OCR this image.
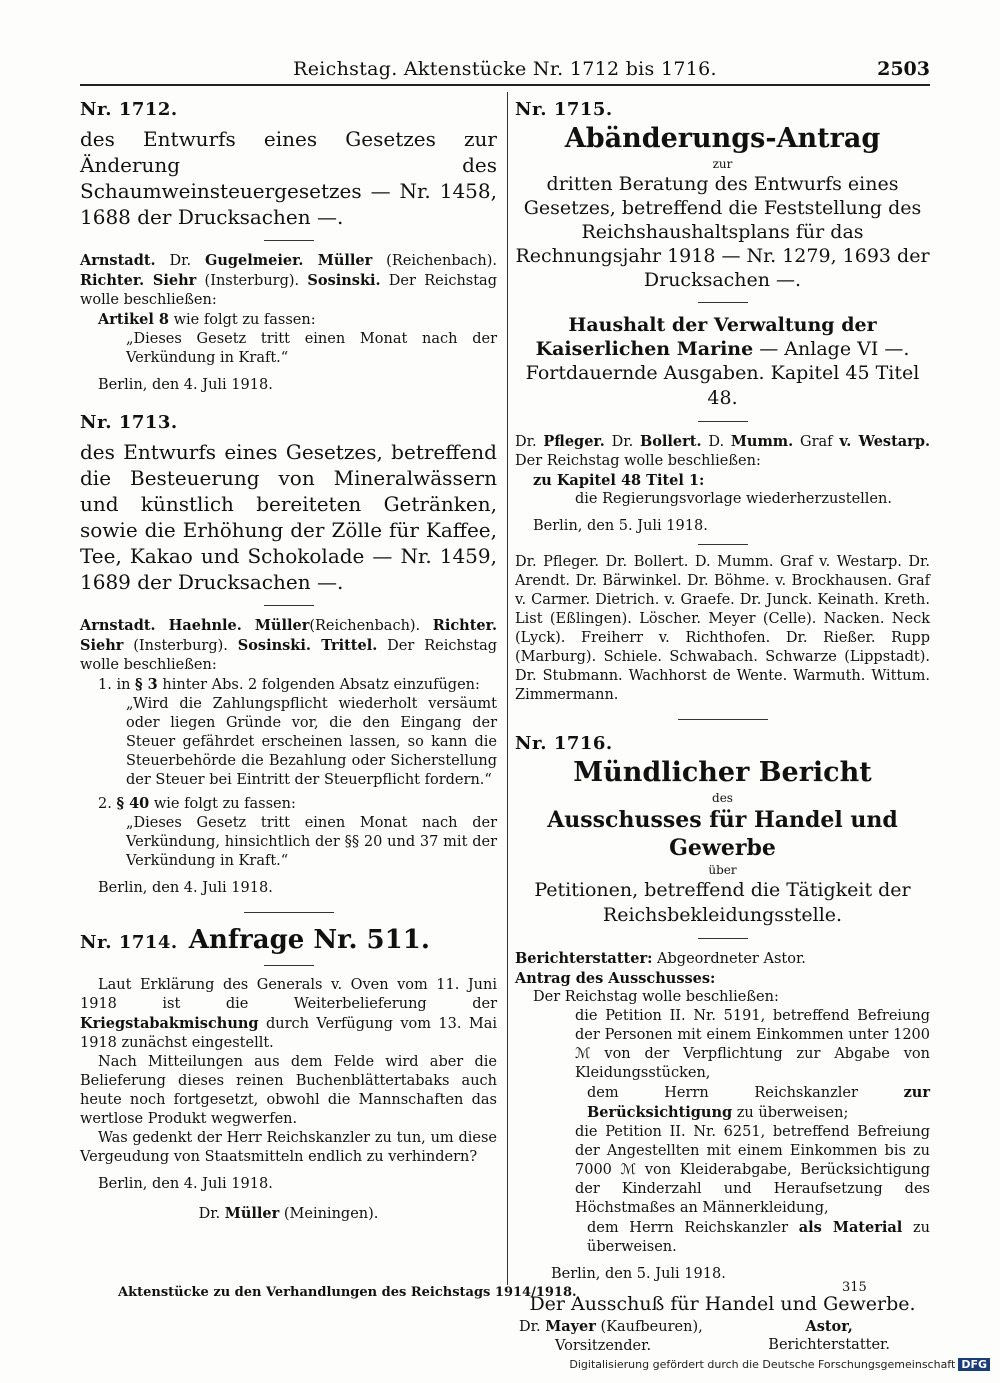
Reichstag. Aktenstücke Nr. 1712 bis 1716.	2503

Nr. 1712.

des Entwurfs eines Gesetzes zur Änderung des Schaumweinsteuergesetzes — Nr. 1458, 1688 der Drucksachen —.

Arnstadt. Dr. Gugelmeier. Müller (Reichenbach). Richter. Siehr (Insterburg). Sosinski. Der Reichstag wolle beschließen:

Artikel 8 wie folgt zu fassen:

„Dieses Gesetz tritt einen Monat nach der Verkündung in Kraft.“

Berlin, den 4. Juli 1918.

Nr. 1713.

des Entwurfs eines Gesetzes, betreffend die Besteuerung von Mineralwässern und künstlich bereiteten Getränken, sowie die Erhöhung der Zölle für Kaffee, Tee, Kakao und Schokolade — Nr. 1459, 1689 der Drucksachen —.

Arnstadt. Haehnle. Müller(Reichenbach). Richter. Siehr (Insterburg). Sosinski. Trittel. Der Reichstag wolle beschließen:

1. in § 3 hinter Abs. 2 folgenden Absatz einzufügen:

„Wird die Zahlungspflicht wiederholt versäumt oder liegen Gründe vor, die den Eingang der Steuer gefährdet erscheinen lassen, so kann die Steuerbehörde die Bezahlung oder Sicherstellung der Steuer bei Eintritt der Steuerpflicht fordern.“

2. § 40 wie folgt zu fassen:

„Dieses Gesetz tritt einen Monat nach der Verkündung, hinsichtlich der §§ 20 und 37 mit der Verkündung in Kraft.“

Berlin, den 4. Juli 1918.

Nr. 1714. Anfrage Nr. 511.

Laut Erklärung des Generals v. Oven vom 11. Juni 1918 ist die Weiterbelieferung der Kriegstabakmischung durch Verfügung vom 13. Mai 1918 zunächst eingestellt.

Nach Mitteilungen aus dem Felde wird aber die Belieferung dieses reinen Buchenblättertabaks auch heute noch fortgesetzt, obwohl die Mannschaften das wertlose Produkt wegwerfen.

Was gedenkt der Herr Reichskanzler zu tun, um diese Vergeudung von Staatsmitteln endlich zu verhindern?

Berlin, den 4. Juli 1918.

Dr. Müller (Meiningen).

Nr. 1715.

Abänderungs-Antrag

zur

dritten Beratung des Entwurfs eines Gesetzes, betreffend die Feststellung des Reichshaushaltsplans für das Rechnungsjahr 1918 — Nr. 1279, 1693 der Drucksachen —.

Haushalt der Verwaltung der Kaiserlichen Marine — Anlage VI —.

Fortdauernde Ausgaben. Kapitel 45 Titel 48.

Dr. Pfleger. Dr. Bollert. D. Mumm. Graf v. Westarp. Der Reichstag wolle beschließen:

zu Kapitel 48 Titel 1:

die Regierungsvorlage wiederherzustellen.

Berlin, den 5. Juli 1918.

Dr. Pfleger. Dr. Bollert. D. Mumm. Graf v. Westarp. Dr. Arendt. Dr. Bärwinkel. Dr. Böhme. v. Brockhausen. Graf v. Carmer. Dietrich. v. Graefe. Dr. Junck. Keinath. Kreth. List (Eßlingen). Löscher. Meyer (Celle). Nacken. Neck (Lyck). Freiherr v. Richthofen. Dr. Rießer. Rupp (Marburg). Schiele. Schwabach. Schwarze (Lippstadt). Dr. Stubmann. Wachhorst de Wente. Warmuth. Wittum. Zimmermann.

Nr. 1716.

Mündlicher Bericht

des

Ausschusses für Handel und Gewerbe

über

Petitionen, betreffend die Tätigkeit der Reichsbekleidungsstelle.

Berichterstatter: Abgeordneter Astor.

Antrag des Ausschusses:

Der Reichstag wolle beschließen:

die Petition II. Nr. 5191, betreffend Befreiung der Personen mit einem Einkommen unter 1200 ℳ von der Verpflichtung zur Abgabe von Kleidungsstücken,

dem Herrn Reichskanzler zur Berücksichtigung zu überweisen;

die Petition II. Nr. 6251, betreffend Befreiung der Angestellten mit einem Einkommen bis zu 7000 ℳ von Kleiderabgabe, Berücksichtigung der Kinderzahl und Heraufsetzung des Höchstmaßes an Männerkleidung,

dem Herrn Reichskanzler als Material zu überweisen.

Berlin, den 5. Juli 1918.

Der Ausschuß für Handel und Gewerbe.

Dr. Mayer (Kaufbeuren),
Vorsitzender.
Astor,
Berichterstatter.
Aktenstücke zu den Verhandlungen des Reichstags 1914/1918.	315
Digitalisierung gefördert durch die Deutsche Forschungsgemeinschaft DFG
